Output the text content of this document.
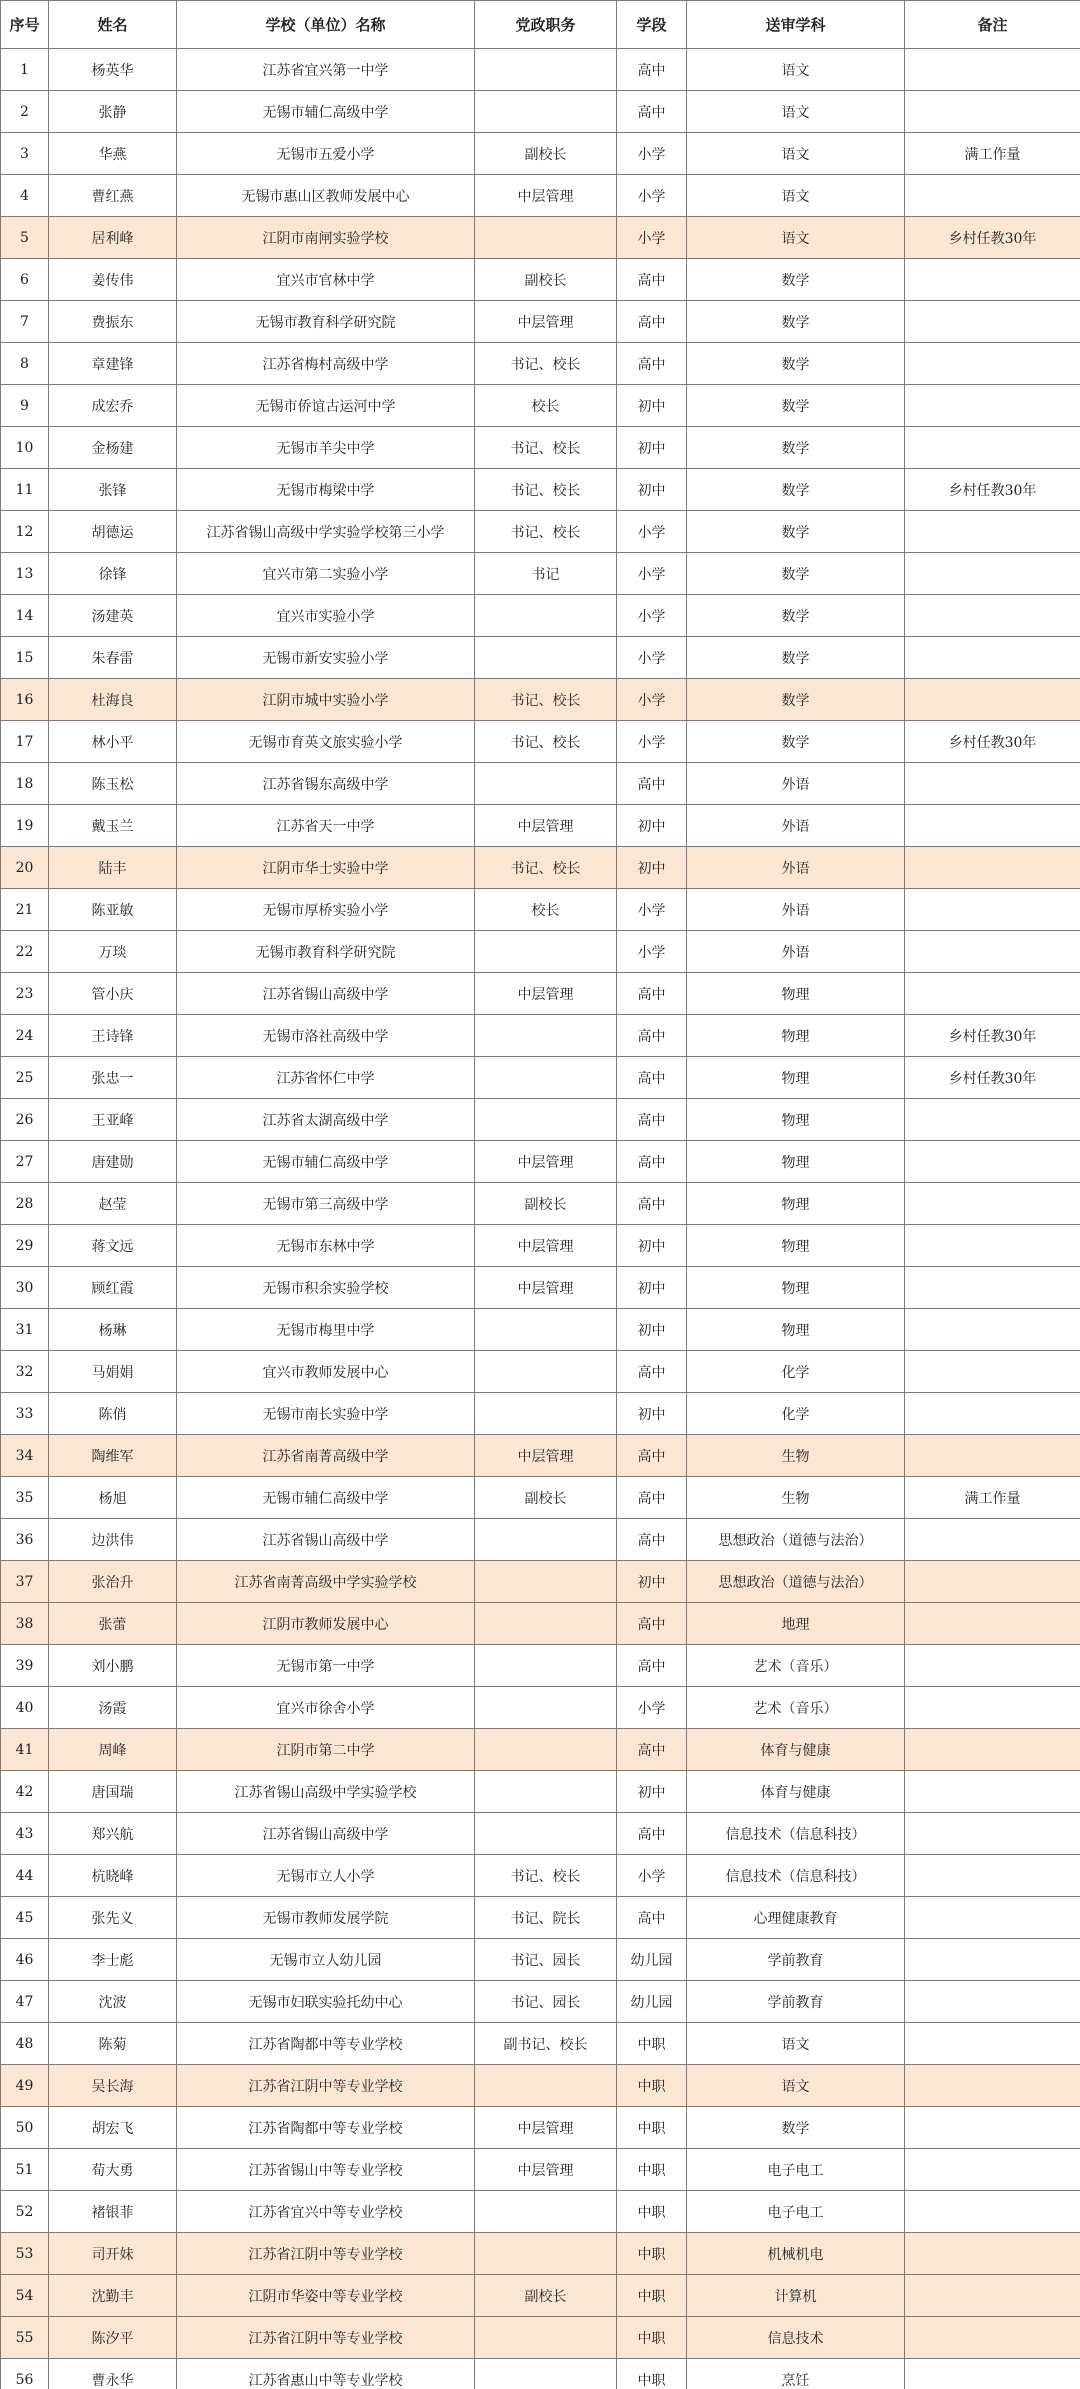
序号	姓名	学校（单位）名称	党政职务	学段	送审学科	备注
1	杨英华	江苏省宜兴第一中学		高中	语文	
2	张静	无锡市辅仁高级中学		高中	语文	
3	华燕	无锡市五爱小学	副校长	小学	语文	满工作量
4	曹红燕	无锡市惠山区教师发展中心	中层管理	小学	语文	
5	居利峰	江阴市南闸实验学校		小学	语文	乡村任教30年
6	姜传伟	宜兴市官林中学	副校长	高中	数学	
7	费振东	无锡市教育科学研究院	中层管理	高中	数学	
8	章建锋	江苏省梅村高级中学	书记、校长	高中	数学	
9	成宏乔	无锡市侨谊古运河中学	校长	初中	数学	
10	金杨建	无锡市羊尖中学	书记、校长	初中	数学	
11	张锋	无锡市梅梁中学	书记、校长	初中	数学	乡村任教30年
12	胡德运	江苏省锡山高级中学实验学校第三小学	书记、校长	小学	数学	
13	徐锋	宜兴市第二实验小学	书记	小学	数学	
14	汤建英	宜兴市实验小学		小学	数学	
15	朱春雷	无锡市新安实验小学		小学	数学	
16	杜海良	江阴市城中实验小学	书记、校长	小学	数学	
17	林小平	无锡市育英文旅实验小学	书记、校长	小学	数学	乡村任教30年
18	陈玉松	江苏省锡东高级中学		高中	外语	
19	戴玉兰	江苏省天一中学	中层管理	初中	外语	
20	陆丰	江阴市华士实验中学	书记、校长	初中	外语	
21	陈亚敏	无锡市厚桥实验小学	校长	小学	外语	
22	万琰	无锡市教育科学研究院		小学	外语	
23	管小庆	江苏省锡山高级中学	中层管理	高中	物理	
24	王诗锋	无锡市洛社高级中学		高中	物理	乡村任教30年
25	张忠一	江苏省怀仁中学		高中	物理	乡村任教30年
26	王亚峰	江苏省太湖高级中学		高中	物理	
27	唐建勋	无锡市辅仁高级中学	中层管理	高中	物理	
28	赵莹	无锡市第三高级中学	副校长	高中	物理	
29	蒋文远	无锡市东林中学	中层管理	初中	物理	
30	顾红霞	无锡市积余实验学校	中层管理	初中	物理	
31	杨琳	无锡市梅里中学		初中	物理	
32	马娟娟	宜兴市教师发展中心		高中	化学	
33	陈俏	无锡市南长实验中学		初中	化学	
34	陶维军	江苏省南菁高级中学	中层管理	高中	生物	
35	杨旭	无锡市辅仁高级中学	副校长	高中	生物	满工作量
36	边洪伟	江苏省锡山高级中学		高中	思想政治（道德与法治）	
37	张治升	江苏省南菁高级中学实验学校		初中	思想政治（道德与法治）	
38	张蕾	江阴市教师发展中心		高中	地理	
39	刘小鹏	无锡市第一中学		高中	艺术（音乐）	
40	汤霞	宜兴市徐舍小学		小学	艺术（音乐）	
41	周峰	江阴市第二中学		高中	体育与健康	
42	唐国瑞	江苏省锡山高级中学实验学校		初中	体育与健康	
43	郑兴航	江苏省锡山高级中学		高中	信息技术（信息科技）	
44	杭晓峰	无锡市立人小学	书记、校长	小学	信息技术（信息科技）	
45	张先义	无锡市教师发展学院	书记、院长	高中	心理健康教育	
46	李士彪	无锡市立人幼儿园	书记、园长	幼儿园	学前教育	
47	沈波	无锡市妇联实验托幼中心	书记、园长	幼儿园	学前教育	
48	陈菊	江苏省陶都中等专业学校	副书记、校长	中职	语文	
49	吴长海	江苏省江阴中等专业学校		中职	语文	
50	胡宏飞	江苏省陶都中等专业学校	中层管理	中职	数学	
51	荀大勇	江苏省锡山中等专业学校	中层管理	中职	电子电工	
52	褚银菲	江苏省宜兴中等专业学校		中职	电子电工	
53	司开妹	江苏省江阴中等专业学校		中职	机械机电	
54	沈勤丰	江阴市华姿中等专业学校	副校长	中职	计算机	
55	陈汐平	江苏省江阴中等专业学校		中职	信息技术	
56	曹永华	江苏省惠山中等专业学校		中职	烹饪	
